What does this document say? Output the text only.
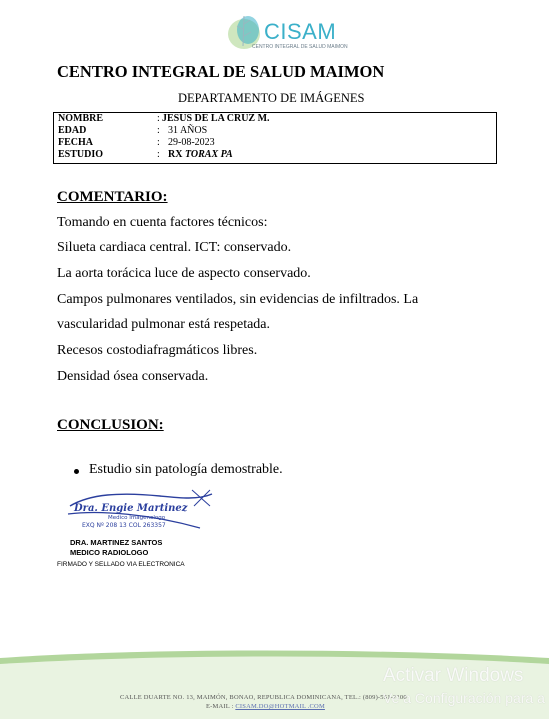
CISAM
CENTRO INTEGRAL DE SALUD MAIMON
CENTRO INTEGRAL DE SALUD MAIMON
DEPARTAMENTO DE IMÁGENES
NOMBRE	: JESUS DE LA CRUZ M.
EDAD	: 31 AÑOS
FECHA	: 29-08-2023
ESTUDIO	: RX TORAX PA
COMENTARIO:
Tomando en cuenta factores técnicos:
Silueta cardiaca central. ICT: conservado.
La aorta torácica luce de aspecto conservado.
Campos pulmonares ventilados, sin evidencias de infiltrados. La
vascularidad pulmonar está respetada.
Recesos costodiafragmáticos libres.
Densidad ósea conservada.
CONCLUSION:
Estudio sin patología demostrable.
Dra. Engie Martinez
Medico Imagenologo
EXQ Nº 208 13 COL 263357
DRA. MARTINEZ SANTOS
MEDICO RADIOLOGO
FIRMADO Y SELLADO VIA ELECTRONICA
CALLE DUARTE NO. 13, MAIMÓN, BONAO, REPUBLICA DOMINICANA, TEL.: (809)-551-2100
E-MAIL : CISAM.DO@HOTMAIL .COM
Activar Windows
Ve a Configuración para a
